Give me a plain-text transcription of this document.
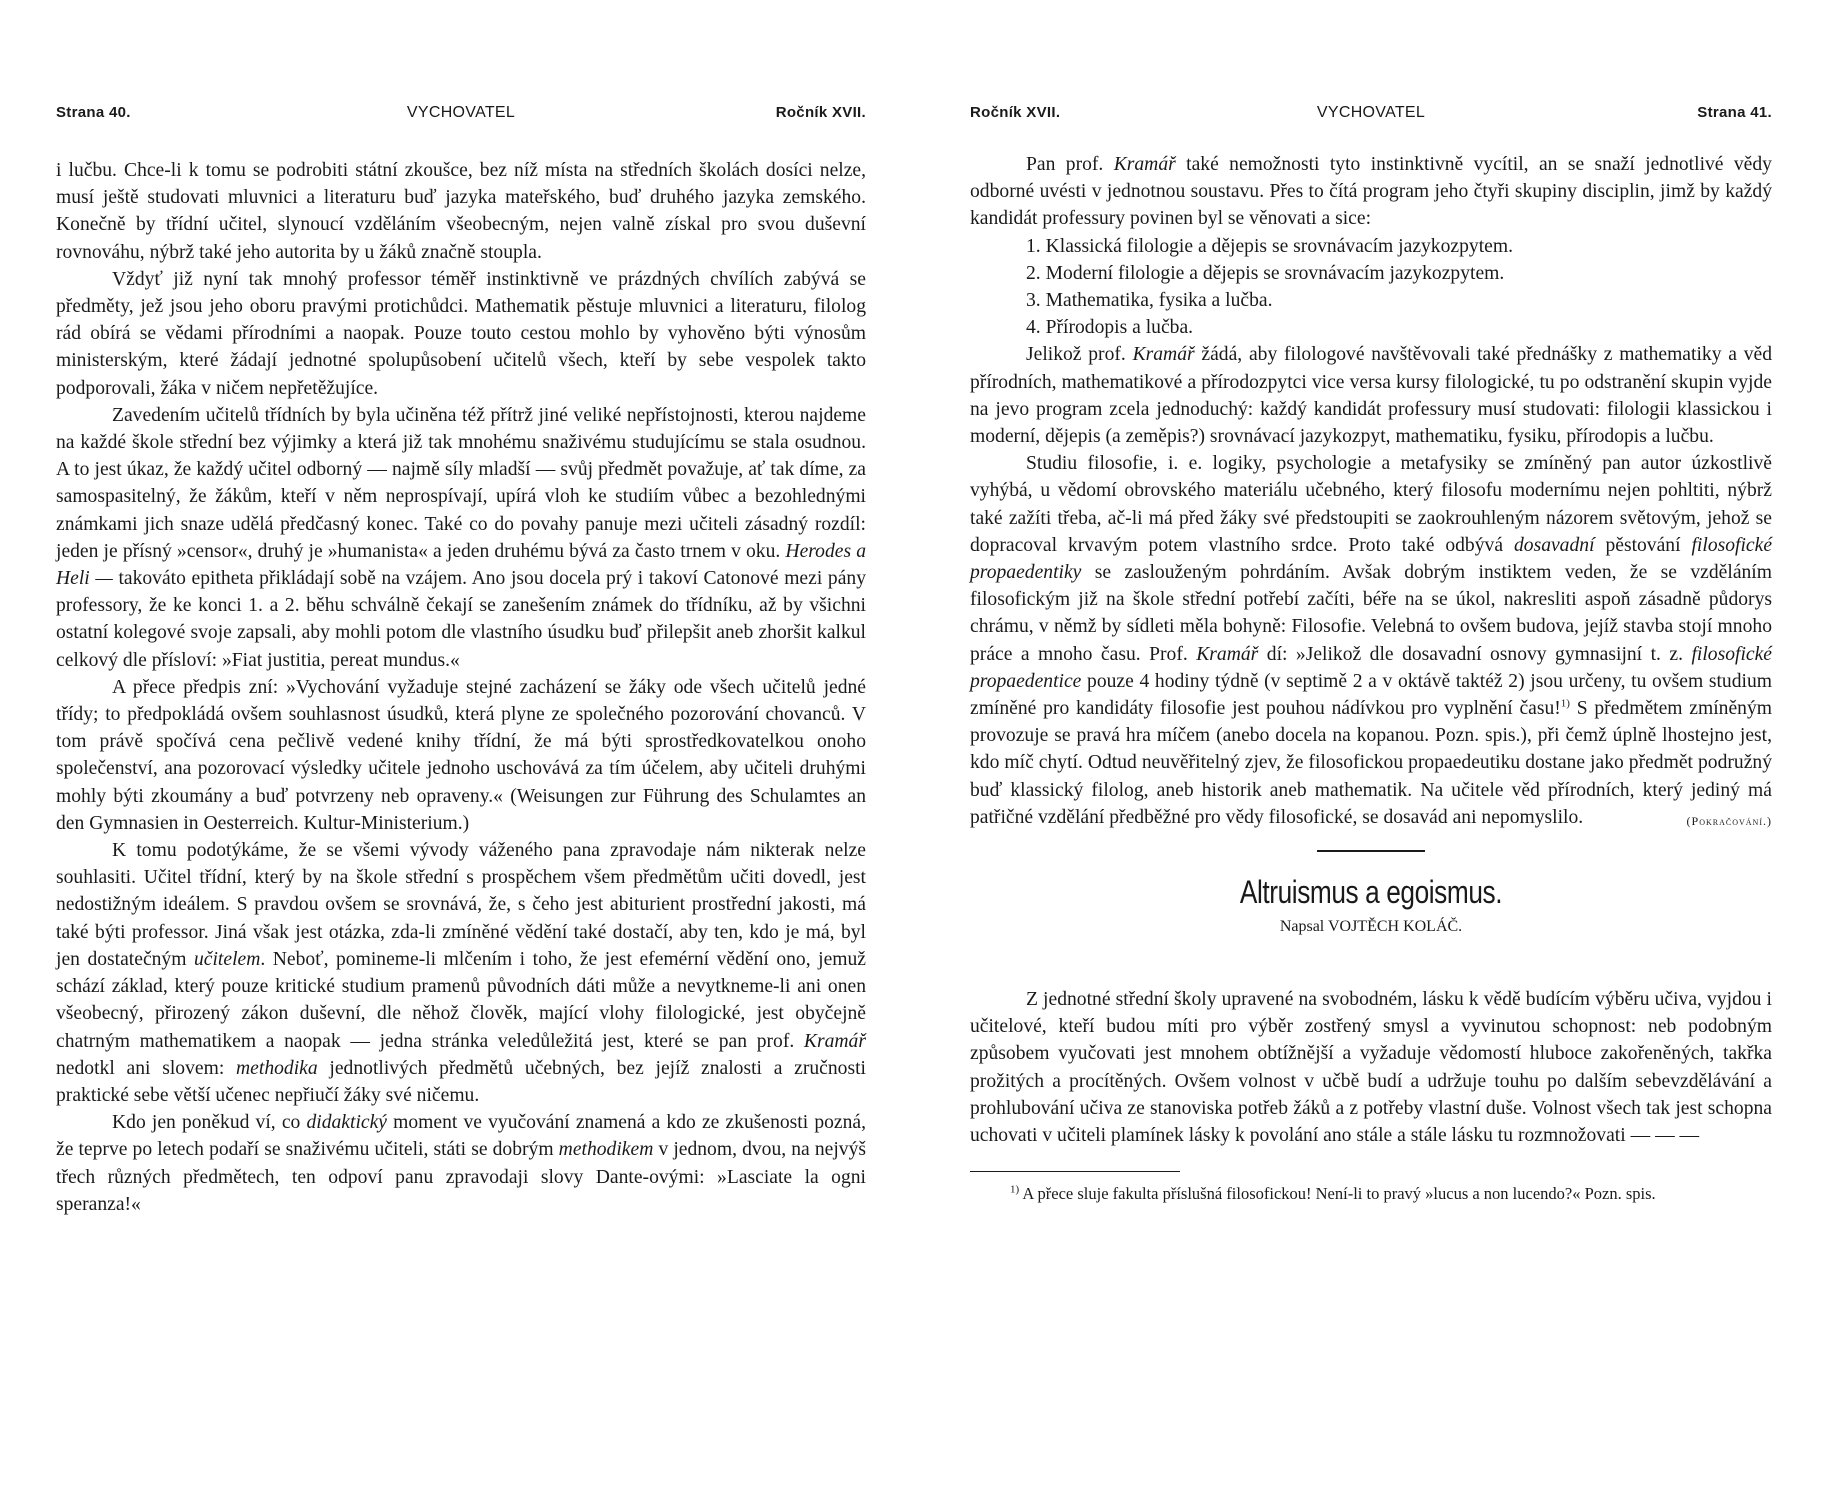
Strana 40.	VYCHOVATEL	Ročník XVII.

i lučbu. Chce-li k tomu se podrobiti státní zkoušce, bez níž místa na středních školách dosíci nelze, musí ještě studovati mluvnici a literaturu buď jazyka mateřského, buď druhého jazyka zemského. Konečně by třídní učitel, slynoucí vzděláním všeobecným, nejen valně získal pro svou duševní rovnováhu, nýbrž také jeho autorita by u žáků značně stoupla.

Vždyť již nyní tak mnohý professor téměř instinktivně ve prázdných chvílích zabývá se předměty, jež jsou jeho oboru pravými protichůdci. Mathematik pěstuje mluvnici a literaturu, filolog rád obírá se vědami přírodními a naopak. Pouze touto cestou mohlo by vyhověno býti výnosům ministerským, které žádají jednotné spolupůsobení učitelů všech, kteří by sebe vespolek takto podporovali, žáka v ničem nepřetěžujíce.

Zavedením učitelů třídních by byla učiněna též přítrž jiné veliké nepřístojnosti, kterou najdeme na každé škole střední bez výjimky a která již tak mnohému snaživému studujícímu se stala osudnou. A to jest úkaz, že každý učitel odborný — najmě síly mladší — svůj předmět považuje, ať tak díme, za samospasitelný, že žákům, kteří v něm neprospívají, upírá vloh ke studiím vůbec a bezohlednými známkami jich snaze udělá předčasný konec. Také co do povahy panuje mezi učiteli zásadný rozdíl: jeden je přísný »censor«, druhý je »humanista« a jeden druhému bývá za často trnem v oku. Herodes a Heli — takováto epitheta přikládají sobě na vzájem. Ano jsou docela prý i takoví Catonové mezi pány professory, že ke konci 1. a 2. běhu schválně čekají se zanešením známek do třídníku, až by všichni ostatní kolegové svoje zapsali, aby mohli potom dle vlastního úsudku buď přilepšit aneb zhoršit kalkul celkový dle přísloví: »Fiat justitia, pereat mundus.«

A přece předpis zní: »Vychování vyžaduje stejné zacházení se žáky ode všech učitelů jedné třídy; to předpokládá ovšem souhlasnost úsudků, která plyne ze společného pozorování chovanců. V tom právě spočívá cena pečlivě vedené knihy třídní, že má býti sprostředkovatelkou onoho společenství, ana pozorovací výsledky učitele jednoho uschovává za tím účelem, aby učiteli druhými mohly býti zkoumány a buď potvrzeny neb opraveny.« (Weisungen zur Führung des Schulamtes an den Gymnasien in Oesterreich. Kultur-Ministerium.)

K tomu podotýkáme, že se všemi vývody váženého pana zpravodaje nám nikterak nelze souhlasiti. Učitel třídní, který by na škole střední s prospěchem všem předmětům učiti dovedl, jest nedostižným ideálem. S pravdou ovšem se srovnává, že, s čeho jest abiturient prostřední jakosti, má také býti professor. Jiná však jest otázka, zda-li zmíněné vědění také dostačí, aby ten, kdo je má, byl jen dostatečným učitelem. Neboť, pomineme-li mlčením i toho, že jest efemérní vědění ono, jemuž schází základ, který pouze kritické studium pramenů původních dáti může a nevytkneme-li ani onen všeobecný, přirozený zákon duševní, dle něhož člověk, mající vlohy filologické, jest obyčejně chatrným mathematikem a naopak — jedna stránka veledůležitá jest, které se pan prof. Kramář nedotkl ani slovem: methodika jednotlivých předmětů učebných, bez jejíž znalosti a zručnosti praktické sebe větší učenec nepřiučí žáky své ničemu.

Kdo jen poněkud ví, co didaktický moment ve vyučování znamená a kdo ze zkušenosti pozná, že teprve po letech podaří se snaživému učiteli, státi se dobrým methodikem v jednom, dvou, na nejvýš třech různých předmětech, ten odpoví panu zpravodaji slovy Dante-ovými: »Lasciate la ogni speranza!«

Ročník XVII.	VYCHOVATEL	Strana 41.

Pan prof. Kramář také nemožnosti tyto instinktivně vycítil, an se snaží jednotlivé vědy odborné uvésti v jednotnou soustavu. Přes to čítá program jeho čtyři skupiny disciplin, jimž by každý kandidát professury povinen byl se věnovati a sice:

1. Klassická filologie a dějepis se srovnávacím jazykozpytem.

2. Moderní filologie a dějepis se srovnávacím jazykozpytem.

3. Mathematika, fysika a lučba.

4. Přírodopis a lučba.

Jelikož prof. Kramář žádá, aby filologové navštěvovali také přednášky z mathematiky a věd přírodních, mathematikové a přírodozpytci vice versa kursy filologické, tu po odstranění skupin vyjde na jevo program zcela jednoduchý: každý kandidát professury musí studovati: filologii klassickou i moderní, dějepis (a zeměpis?) srovnávací jazykozpyt, mathematiku, fysiku, přírodopis a lučbu.

Studiu filosofie, i. e. logiky, psychologie a metafysiky se zmíněný pan autor úzkostlivě vyhýbá, u vědomí obrovského materiálu učebného, který filosofu modernímu nejen pohltiti, nýbrž také zažíti třeba, ač-li má před žáky své předstoupiti se zaokrouhleným názorem světovým, jehož se dopracoval krvavým potem vlastního srdce. Proto také odbývá dosavadní pěstování filosofické propaedentiky se zaslouženým pohrdáním. Avšak dobrým instiktem veden, že se vzděláním filosofickým již na škole střední potřebí začíti, béře na se úkol, nakresliti aspoň zásadně půdorys chrámu, v němž by sídleti měla bohyně: Filosofie. Velebná to ovšem budova, jejíž stavba stojí mnoho práce a mnoho času. Prof. Kramář dí: »Jelikož dle dosavadní osnovy gymnasijní t. z. filosofické propaedentice pouze 4 hodiny týdně (v septimě 2 a v oktávě taktéž 2) jsou určeny, tu ovšem studium zmíněné pro kandidáty filosofie jest pouhou nádívkou pro vyplnění času!$^{1)}$ S předmětem zmíněným provozuje se pravá hra míčem (anebo docela na kopanou. Pozn. spis.), při čemž úplně lhostejno jest, kdo míč chytí. Odtud neuvěřitelný zjev, že filosofickou propaedeutiku dostane jako předmět podružný buď klassický filolog, aneb historik aneb mathematik. Na učitele věd přírodních, který jediný má patřičné vzdělání předběžné pro vědy filosofické, se dosavád ani nepomyslilo.	(Pokračování.)

Altruismus a egoismus.
Napsal VOJTĚCH KOLÁČ.

Z jednotné střední školy upravené na svobodném, lásku k vědě budícím výběru učiva, vyjdou i učitelové, kteří budou míti pro výběr zostřený smysl a vyvinutou schopnost: neb podobným způsobem vyučovati jest mnohem obtížnější a vyžaduje vědomostí hluboce zakořeněných, takřka prožitých a procítěných. Ovšem volnost v učbě budí a udržuje touhu po dalším sebevzdělávání a prohlubování učiva ze stanoviska potřeb žáků a z potřeby vlastní duše. Volnost všech tak jest schopna uchovati v učiteli plamínek lásky k povolání ano stále a stále lásku tu rozmnožovati — — —

$^{1)}$ A přece sluje fakulta příslušná filosofickou! Není-li to pravý »lucus a non lucendo?« Pozn. spis.
